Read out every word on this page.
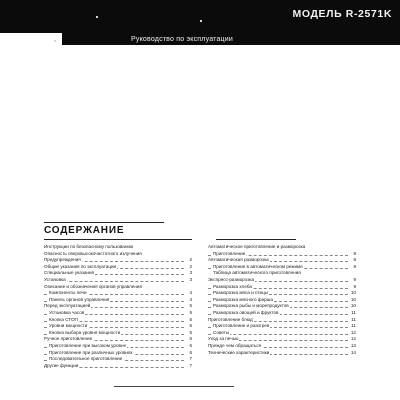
МОДЕЛЬ R-2571K
Руководство по эксплуатации
СОДЕРЖАНИЕ
Инструкции по безопасному пользованию
Опасность сверхвысокочастотного излучения
Предупреждения	2
Общие указания по эксплуатации	2
Специальные указания	3
Установка	3
Описание и обозначения органов управления
Компоненты печи	4
Панель органов управления	4
Перед эксплуатацией	5
Установка часов	5
Кнопка СТОП	5
Уровни мощности	5
Кнопка выбора уровня мощности	5
Ручное приготовление	6
Приготовление при высоком уровне	6
Приготовление при различных уровнях	6
Последовательное приготовление	7
Другие функции	7
Автоматическое приготовление и разморозка
Приготовление	8
Автоматическая разморозка	8
Приготовление в автоматическом режиме	8
Таблица автоматического приготовления
Экспресс-разморозка	9
Разморозка хлеба	9
Разморозка мяса и птицы	10
Разморозка мясного фарша	10
Разморозка рыбы и морепродуктов	10
Разморозка овощей и фруктов	11
Приготовление блюд	11
Приготовление и разогрев	11
Советы	12
Уход за печью	12
Прежде чем обращаться	13
Технические характеристики	14
